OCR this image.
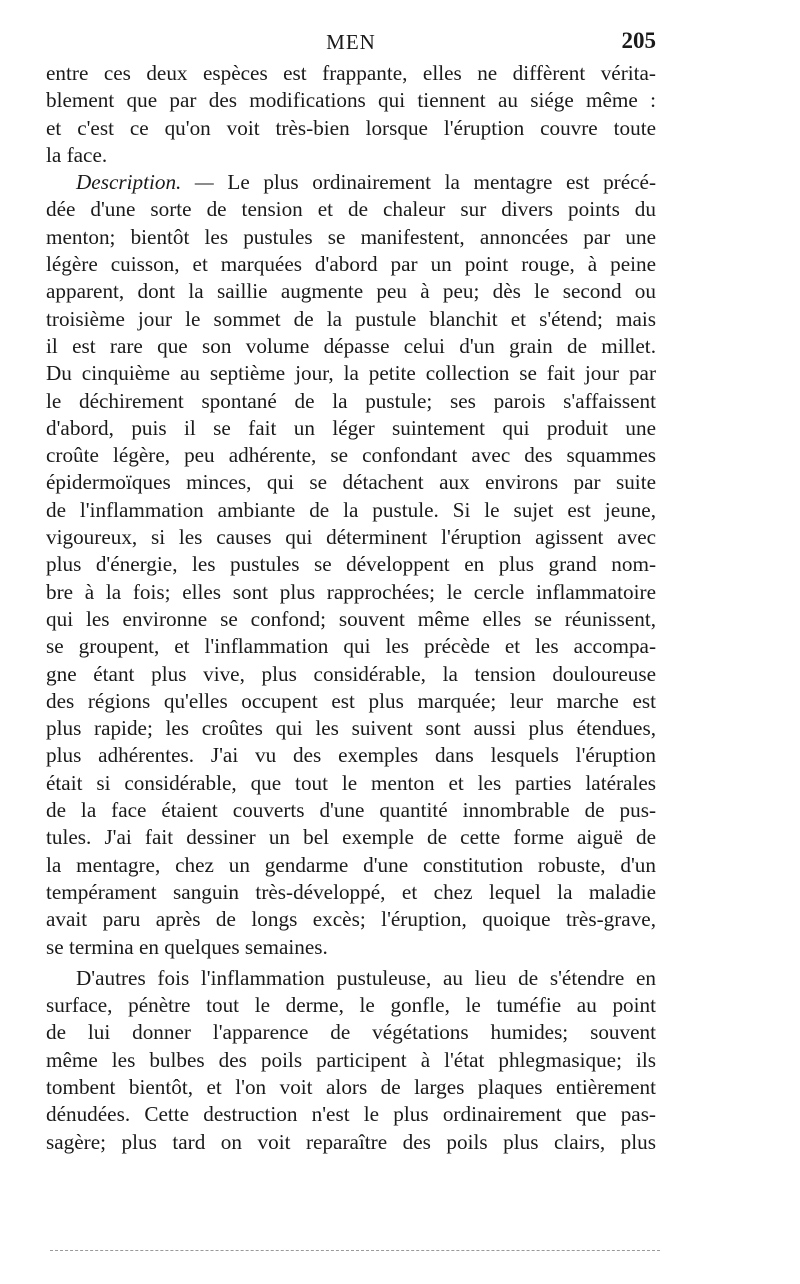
MEN	205
entre ces deux espèces est frappante, elles ne diffèrent vérita-
blement que par des modifications qui tiennent au siége même :
et c'est ce qu'on voit très-bien lorsque l'éruption couvre toute
la face.
Description. — Le plus ordinairement la mentagre est précé-
dée d'une sorte de tension et de chaleur sur divers points du
menton; bientôt les pustules se manifestent, annoncées par une
légère cuisson, et marquées d'abord par un point rouge, à peine
apparent, dont la saillie augmente peu à peu; dès le second ou
troisième jour le sommet de la pustule blanchit et s'étend; mais
il est rare que son volume dépasse celui d'un grain de millet.
Du cinquième au septième jour, la petite collection se fait jour par
le déchirement spontané de la pustule; ses parois s'affaissent
d'abord, puis il se fait un léger suintement qui produit une
croûte légère, peu adhérente, se confondant avec des squammes
épidermoïques minces, qui se détachent aux environs par suite
de l'inflammation ambiante de la pustule. Si le sujet est jeune,
vigoureux, si les causes qui déterminent l'éruption agissent avec
plus d'énergie, les pustules se développent en plus grand nom-
bre à la fois; elles sont plus rapprochées; le cercle inflammatoire
qui les environne se confond; souvent même elles se réunissent,
se groupent, et l'inflammation qui les précède et les accompa-
gne étant plus vive, plus considérable, la tension douloureuse
des régions qu'elles occupent est plus marquée; leur marche est
plus rapide; les croûtes qui les suivent sont aussi plus étendues,
plus adhérentes. J'ai vu des exemples dans lesquels l'éruption
était si considérable, que tout le menton et les parties latérales
de la face étaient couverts d'une quantité innombrable de pus-
tules. J'ai fait dessiner un bel exemple de cette forme aiguë de
la mentagre, chez un gendarme d'une constitution robuste, d'un
tempérament sanguin très-développé, et chez lequel la maladie
avait paru après de longs excès; l'éruption, quoique très-grave,
se termina en quelques semaines.
D'autres fois l'inflammation pustuleuse, au lieu de s'étendre en
surface, pénètre tout le derme, le gonfle, le tuméfie au point
de lui donner l'apparence de végétations humides; souvent
même les bulbes des poils participent à l'état phlegmasique; ils
tombent bientôt, et l'on voit alors de larges plaques entièrement
dénudées. Cette destruction n'est le plus ordinairement que pas-
sagère; plus tard on voit reparaître des poils plus clairs, plus
